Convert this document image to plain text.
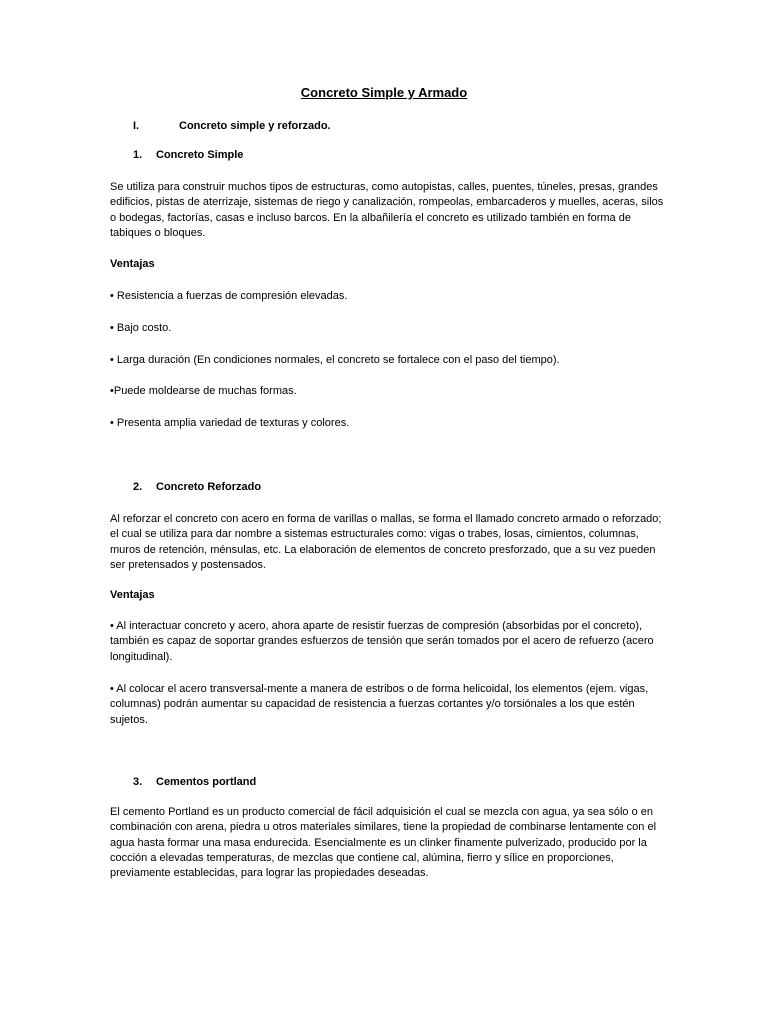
Concreto Simple y Armado
I.	Concreto simple y reforzado.
1. Concreto Simple

Se utiliza para construir muchos tipos de estructuras, como autopistas, calles, puentes, túneles, presas, grandes edificios, pistas de aterrizaje, sistemas de riego y canalización, rompeolas, embarcaderos y muelles, aceras, silos o bodegas, factorías, casas e incluso barcos. En la albañilería el concreto es utilizado también en forma de tabiques o bloques.

Ventajas

• Resistencia a fuerzas de compresión elevadas.

• Bajo costo.

• Larga duración (En condiciones normales, el concreto se fortalece con el paso del tiempo).

•Puede moldearse de muchas formas.

• Presenta amplia variedad de texturas y colores.

2. Concreto Reforzado

Al reforzar el concreto con acero en forma de varillas o mallas, se forma el llamado concreto armado o reforzado; el cual se utiliza para dar nombre a sistemas estructurales como: vigas o trabes, losas, cimientos, columnas, muros de retención, ménsulas, etc. La elaboración de elementos de concreto presforzado, que a su vez pueden ser pretensados y postensados.

Ventajas

• Al interactuar concreto y acero, ahora aparte de resistir fuerzas de compresión (absorbidas por el concreto), también es capaz de soportar grandes esfuerzos de tensión que serán tomados por el acero de refuerzo (acero longitudinal).

• Al colocar el acero transversal-mente a manera de estribos o de forma helicoidal, los elementos (ejem. vigas, columnas) podrán aumentar su capacidad de resistencia a fuerzas cortantes y/o torsiónales a los que estén sujetos.

3. Cementos portland

El cemento Portland es un producto comercial de fácil adquisición el cual se mezcla con agua, ya sea sólo o en combinación con arena, piedra u otros materiales similares, tiene la propiedad de combinarse lentamente con el agua hasta formar una masa endurecida. Esencialmente es un clinker finamente pulverizado, producido por la cocción a elevadas temperaturas, de mezclas que contiene cal, alúmina, fierro y sílice en proporciones, previamente establecidas, para lograr las propiedades deseadas.
